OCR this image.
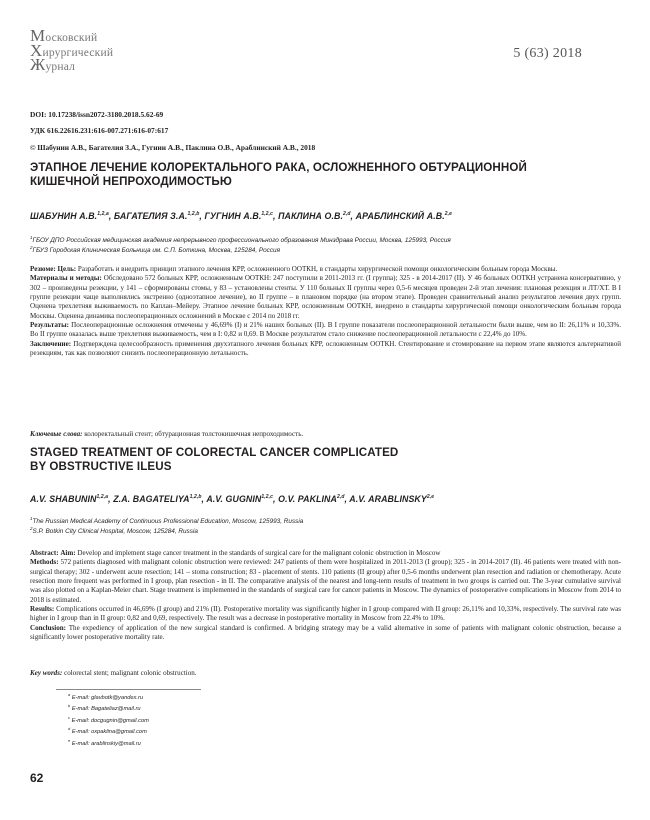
Московский
Хирургический
Журнал
5 (63) 2018
DOI: 10.17238/issn2072-3180.2018.5.62-69
УДК 616.22616.231:616-007.271:616-07:617
© Шабунин А.В., Багателия З.А., Гугнин А.В., Паклина О.В., Араблинский А.В., 2018
ЭТАПНОЕ ЛЕЧЕНИЕ КОЛОРЕКТАЛЬНОГО РАКА, ОСЛОЖНЕННОГО ОБТУРАЦИОННОЙ
КИШЕЧНОЙ НЕПРОХОДИМОСТЬЮ
ШАБУНИН А.В.$^{1,2,a}$, БАГАТЕЛИЯ З.А.$^{1,2,b}$, ГУГНИН А.В.$^{1,2,c}$, ПАКЛИНА О.В.$^{2,d}$, АРАБЛИНСКИЙ А.В.$^{2,e}$
$^1$ГБОУ ДПО Российская медицинская академия непрерывного профессионального образования Минздрава России, Москва, 125993, Россия
$^2$ГБУЗ Городская Клиническая Больница им. С.П. Боткина, Москва, 125284, Россия

Резюме: Цель: Разработать и внедрить принцип этапного лечения КРР, осложненного ООТКН, в стандарты хирургической помощи онкологическим больным города Москвы.

Материалы и методы: Обследовано 572 больных КРР, осложненным ООТКН: 247 поступили в 2011-2013 гг. (I группа); 325 - в 2014-2017 (II). У 46 больных ООТКН устранена консервативно, у 302 – произведены резекции, у 141 – сформированы стомы, у 83 – установлены стенты. У 110 больных II группы через 0,5-6 месяцев проведен 2-й этап лечения: плановая резекция и ЛТ/ХТ. В I группе резекции чаще выполнялись экстренно (одноэтапное лечение), во II группе – в плановом порядке (на втором этапе). Проведен сравнительный анализ результатов лечения двух групп. Оценена трехлетняя выживаемость по Каплан–Мейеру. Этапное лечение больных КРР, осложненным ООТКН, внедрено в стандарты хирургической помощи онкологическим больным города Москвы. Оценена динамика послеоперационных осложнений в Москве с 2014 по 2018 гг.

Результаты: Послеоперационные осложнения отмечены у 46,69% (I) и 21% наших больных (II). В I группе показатели послеоперационной летальности были выше, чем во II: 26,11% и 10,33%. Во II группе оказалась выше трехлетняя выживаемость, чем в I: 0,82 и 0,69. В Москве результатом стало снижение послеоперационной летальности с 22,4% до 10%.

Заключение: Подтверждена целесообразность применения двухэтапного лечения больных КРР, осложненным ООТКН. Стентирование и стомирование на первом этапе являются альтернативой резекциям, так как позволяют снизить послеоперационную летальность.

Ключевые слова: колоректальный стент; обтурационная толстокишечная непроходимость.
STAGED TREATMENT OF COLORECTAL CANCER COMPLICATED
BY OBSTRUCTIVE ILEUS
A.V. SHABUNIN$^{1,2,a}$, Z.A. BAGATELIYA$^{1,2,b}$, A.V. GUGNIN$^{1,2,c}$, O.V. PAKLINA$^{2,d}$, A.V. ARABLINSKY$^{2,e}$
$^1$The Russian Medical Academy of Continuous Professional Education, Moscow, 125993, Russia
$^2$S.P. Botkin City Clinical Hospital, Moscow, 125284, Russia

Abstract: Aim: Develop and implement stage cancer treatment in the standards of surgical care for the malignant colonic obstruction in Moscow

Methods: 572 patients diagnosed with malignant colonic obstruction were reviewed: 247 patients of them were hospitalized in 2011-2013 (I group); 325 - in 2014-2017 (II). 46 patients were treated with non-surgical therapy; 302 - underwent acute resection; 141 – stoma construction; 83 - placement of stents. 110 patients (II group) after 0,5-6 months underwent plan resection and radiation or chemotherapy. Acute resection more frequent was performed in I group, plan resection - in II. The comparative analysis of the nearest and long-term results of treatment in two groups is carried out. The 3-year cumulative survival was also plotted on a Kaplan-Meier chart. Stage treatment is implemented in the standards of surgical care for cancer patients in Moscow. The dynamics of postoperative complications in Moscow from 2014 to 2018 is estimated.

Results: Complications occurred in 46,69% (I group) and 21% (II). Postoperative mortality was significantly higher in I group compared with II group: 26,11% and 10,33%, respectively. The survival rate was higher in I group than in II group: 0,82 and 0,69, respectively. The result was a decrease in postoperative mortality in Moscow from 22.4% to 10%.

Conclusion: The expediency of application of the new surgical standard is confirmed. A bridging strategy may be a valid alternative in some of patients with malignant colonic obstruction, because a significantly lower postoperative mortality rate.

Key words: colorectal stent; malignant colonic obstruction.
$^a$ E-mail: glavbotk@yandex.ru
$^b$ E-mail: Bagateliaz@mail.ru
$^c$ E-mail: docgugnin@gmail.com
$^d$ E-mail: oxpaklina@gmail.com
$^e$ E-mail: arablinskiy@mail.ru
62
